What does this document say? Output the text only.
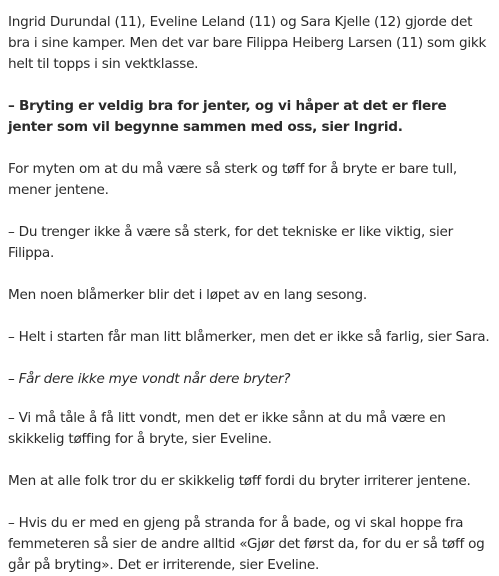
Ingrid Durundal (11), Eveline Leland (11) og Sara Kjelle (12) gjorde det bra i sine kamper. Men det var bare Filippa Heiberg Larsen (11) som gikk helt til topps i sin vektklasse.

– Bryting er veldig bra for jenter, og vi håper at det er flere jenter som vil begynne sammen med oss, sier Ingrid.

For myten om at du må være så sterk og tøff for å bryte er bare tull, mener jentene.

– Du trenger ikke å være så sterk, for det tekniske er like viktig, sier Filippa.

Men noen blåmerker blir det i løpet av en lang sesong.

– Helt i starten får man litt blåmerker, men det er ikke så farlig, sier Sara.

– Får dere ikke mye vondt når dere bryter?

– Vi må tåle å få litt vondt, men det er ikke sånn at du må være en skikkelig tøffing for å bryte, sier Eveline.

Men at alle folk tror du er skikkelig tøff fordi du bryter irriterer jentene.

– Hvis du er med en gjeng på stranda for å bade, og vi skal hoppe fra femmeteren så sier de andre alltid «Gjør det først da, for du er så tøff og går på bryting». Det er irriterende, sier Eveline.
